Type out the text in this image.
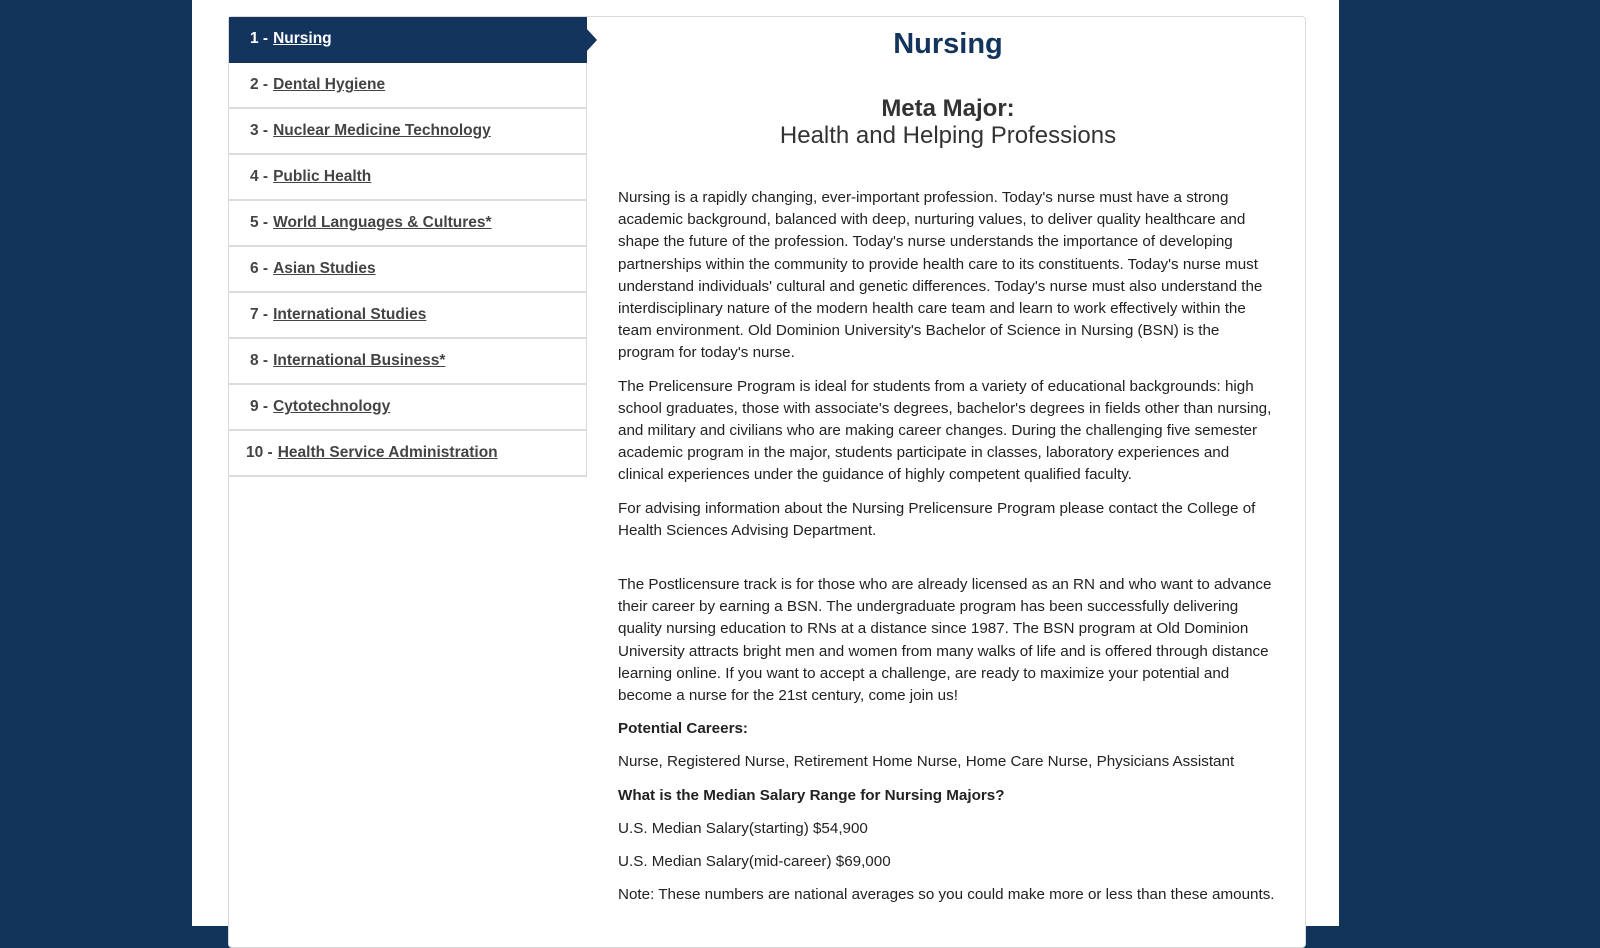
1 - Nursing
2 - Dental Hygiene
3 - Nuclear Medicine Technology
4 - Public Health
5 - World Languages & Cultures*
6 - Asian Studies
7 - International Studies
8 - International Business*
9 - Cytotechnology
10 - Health Service Administration
Nursing
Meta Major:
Health and Helping Professions

Nursing is a rapidly changing, ever-important profession. Today's nurse must have a strong academic background, balanced with deep, nurturing values, to deliver quality healthcare and shape the future of the profession. Today's nurse understands the importance of developing partnerships within the community to provide health care to its constituents. Today's nurse must understand individuals' cultural and genetic differences. Today's nurse must also understand the interdisciplinary nature of the modern health care team and learn to work effectively within the team environment. Old Dominion University's Bachelor of Science in Nursing (BSN) is the program for today's nurse.

The Prelicensure Program is ideal for students from a variety of educational backgrounds: high school graduates, those with associate's degrees, bachelor's degrees in fields other than nursing, and military and civilians who are making career changes. During the challenging five semester academic program in the major, students participate in classes, laboratory experiences and clinical experiences under the guidance of highly competent qualified faculty.

For advising information about the Nursing Prelicensure Program please contact the College of Health Sciences Advising Department.

The Postlicensure track is for those who are already licensed as an RN and who want to advance their career by earning a BSN. The undergraduate program has been successfully delivering quality nursing education to RNs at a distance since 1987. The BSN program at Old Dominion University attracts bright men and women from many walks of life and is offered through distance learning online. If you want to accept a challenge, are ready to maximize your potential and become a nurse for the 21st century, come join us!

Potential Careers:

Nurse, Registered Nurse, Retirement Home Nurse, Home Care Nurse, Physicians Assistant

What is the Median Salary Range for Nursing Majors?

U.S. Median Salary(starting) $54,900

U.S. Median Salary(mid-career) $69,000

Note: These numbers are national averages so you could make more or less than these amounts.
